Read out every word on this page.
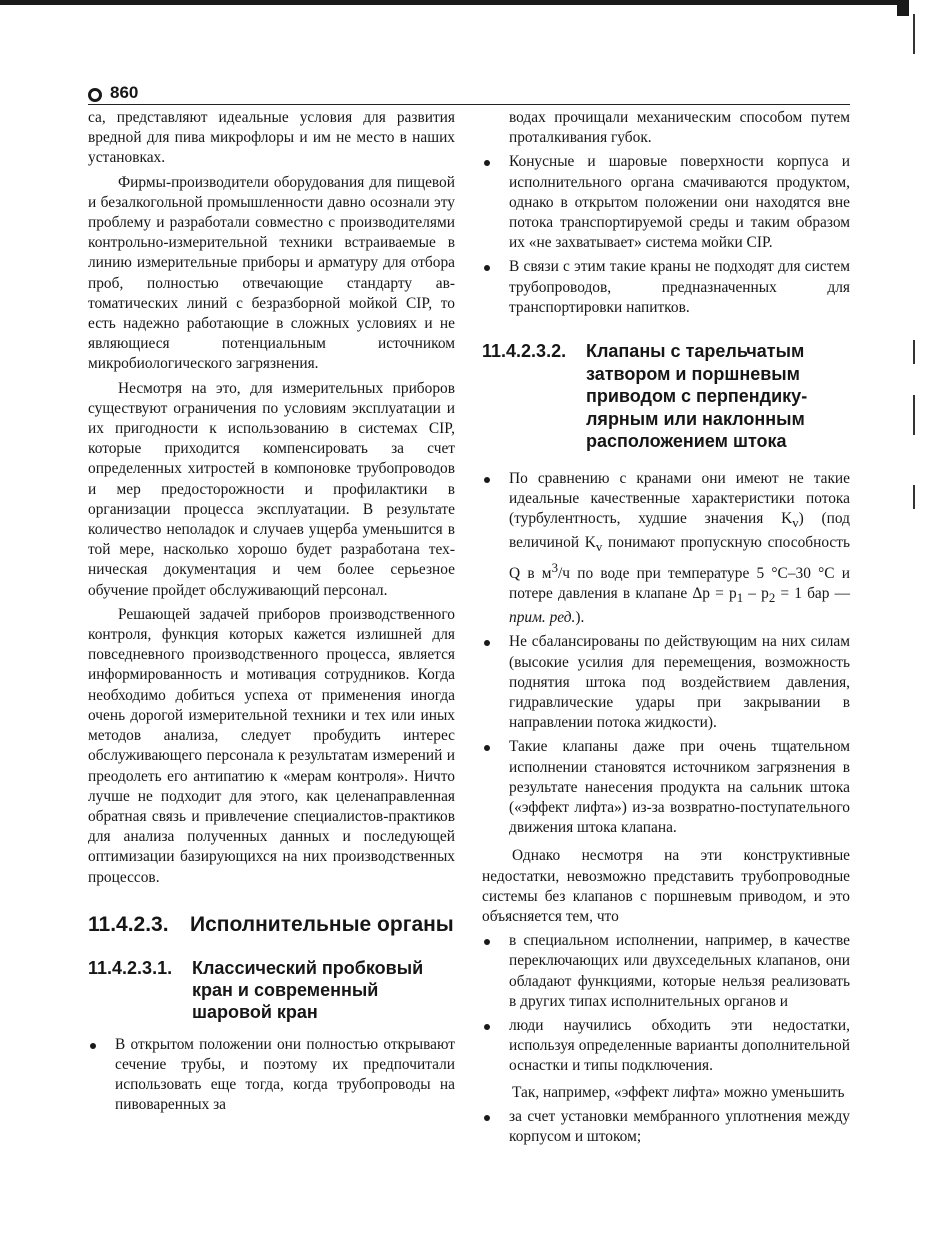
860

са, представляют идеальные условия для развития вредной для пива микрофлоры и им не место в наших установках.

Фирмы-производители оборудования для пищевой и безалкогольной промышленности давно осознали эту проблему и разработали совместно с производителями контрольно-измерительной техники встраиваемые в линию измерительные приборы и арматуру для отбора проб, полностью отвечающие стандарту автоматических линий с безразборной мойкой CIP, то есть надежно работающие в сложных условиях и не являющиеся потенциальным источником микробиологического загрязнения.

Несмотря на это, для измерительных приборов существуют ограничения по условиям эксплуатации и их пригодности к использованию в системах CIP, которые приходится компенсировать за счет определенных хитростей в компоновке трубопроводов и мер предосторожности и профилактики в организации процесса эксплуатации. В результате количество неполадок и случаев ущерба уменьшится в той мере, насколько хорошо будет разработана техническая документация и чем более серьезное обучение пройдет обслуживающий персонал.

Решающей задачей приборов производственного контроля, функция которых кажется излишней для повседневного производственного процесса, является информированность и мотивация сотрудников. Когда необходимо добиться успеха от применения иногда очень дорогой измерительной техники и тех или иных методов анализа, следует пробудить интерес обслуживающего персонала к результатам измерений и преодолеть его антипатию к «мерам контроля». Ничто лучше не подходит для этого, как целенаправленная обратная связь и привлечение специалистов-практиков для анализа полученных данных и последующей оптимизации базирующихся на них производственных процессов.

11.4.2.3.	Исполнительные органы
11.4.2.3.1.	Классический пробковый кран и современный шаровой кран

В открытом положении они полностью открывают сечение трубы, и поэтому их предпочитали использовать еще тогда, когда трубопроводы на пивоваренных за

водах прочищали механическим способом путем проталкивания губок.

Конусные и шаровые поверхности корпуса и исполнительного органа смачиваются продуктом, однако в открытом положении они находятся вне потока транспортируемой среды и таким образом их «не захватывает» система мойки CIP.

В связи с этим такие краны не подходят для систем трубопроводов, предназначенных для транспортировки напитков.

11.4.2.3.2.	Клапаны с тарельчатым затвором и поршневым приводом с перпендикулярным или наклонным расположением штока

По сравнению с кранами они имеют не такие идеальные качественные характеристики потока (турбулентность, худшие значения $K_v$) (под величиной $K_v$ понимают пропускную способность Q в $м^3/ч$ по воде при температуре 5 °С–30 °С и потере давления в клапане $\Delta p = p_1 - p_2 = 1$ бар — прим. ред.).

Не сбалансированы по действующим на них силам (высокие усилия для перемещения, возможность поднятия штока под воздействием давления, гидравлические удары при закрывании в направлении потока жидкости).

Такие клапаны даже при очень тщательном исполнении становятся источником загрязнения в результате нанесения продукта на сальник штока («эффект лифта») из-за возвратно-поступательного движения штока клапана.

Однако несмотря на эти конструктивные недостатки, невозможно представить трубопроводные системы без клапанов с поршневым приводом, и это объясняется тем, что

в специальном исполнении, например, в качестве переключающих или двухседельных клапанов, они обладают функциями, которые нельзя реализовать в других типах исполнительных органов и

люди научились обходить эти недостатки, используя определенные варианты дополнительной оснастки и типы подключения.

Так, например, «эффект лифта» можно уменьшить

за счет установки мембранного уплотнения между корпусом и штоком;
